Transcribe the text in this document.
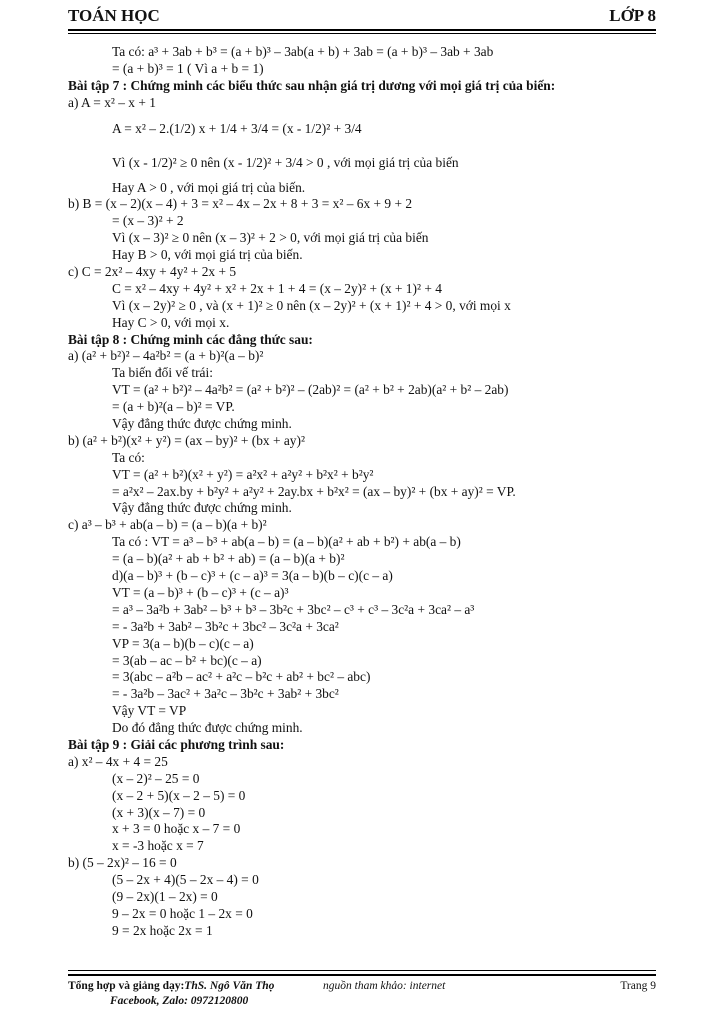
TOÁN HỌC	LỚP 8
Ta có: a³ + 3ab + b³ = (a + b)³ – 3ab(a + b) + 3ab = (a + b)³ – 3ab + 3ab
= (a + b)³ = 1 ( Vì a + b = 1)
Bài tập 7 : Chứng minh các biểu thức sau nhận giá trị dương với mọi giá trị của biến:
a) A = x² – x + 1
A = x² – 2.(1/2) x + 1/4 + 3/4 = (x - 1/2)² + 3/4
Vì (x - 1/2)² ≥ 0 nên (x - 1/2)² + 3/4 > 0 , với mọi giá trị của biến
Hay A > 0 , với mọi giá trị của biến.
b) B = (x – 2)(x – 4) + 3 = x² – 4x – 2x + 8 + 3 = x² – 6x + 9 + 2
= (x – 3)² + 2
Vì (x – 3)² ≥ 0 nên (x – 3)² + 2 > 0, với mọi giá trị của biến
Hay B > 0, với mọi giá trị của biến.
c) C = 2x² – 4xy + 4y² + 2x + 5
C = x² – 4xy + 4y² + x² + 2x + 1 + 4 = (x – 2y)² + (x + 1)² + 4
Vì (x – 2y)² ≥ 0 , và (x + 1)² ≥ 0 nên (x – 2y)² + (x + 1)² + 4 > 0, với mọi x
Hay C > 0, với mọi x.
Bài tập 8 : Chứng minh các đẳng thức sau:
a) (a² + b²)² – 4a²b² = (a + b)²(a – b)²
Ta biến đổi vế trái:
VT = (a² + b²)² – 4a²b² = (a² + b²)² – (2ab)² = (a² + b² + 2ab)(a² + b² – 2ab)
= (a + b)²(a – b)² = VP.
Vậy đẳng thức được chứng minh.
b) (a² + b²)(x² + y²) = (ax – by)² + (bx + ay)²
Ta có:
VT = (a² + b²)(x² + y²) = a²x² + a²y² + b²x² + b²y²
= a²x² – 2ax.by + b²y² + a²y² + 2ay.bx + b²x² = (ax – by)² + (bx + ay)² = VP.
Vậy đẳng thức được chứng minh.
c) a³ – b³ + ab(a – b) = (a – b)(a + b)²
Ta có : VT = a³ – b³ + ab(a – b) = (a – b)(a² + ab + b²) + ab(a – b)
= (a – b)(a² + ab + b² + ab) = (a – b)(a + b)²
d)(a – b)³ + (b – c)³ + (c – a)³ = 3(a – b)(b – c)(c – a)
VT = (a – b)³ + (b – c)³ + (c – a)³
= a³ – 3a²b + 3ab² – b³ + b³ – 3b²c + 3bc² – c³ + c³ – 3c²a + 3ca² – a³
= - 3a²b + 3ab² – 3b²c + 3bc² – 3c²a + 3ca²
VP = 3(a – b)(b – c)(c – a)
= 3(ab – ac – b² + bc)(c – a)
= 3(abc – a²b – ac² + a²c – b²c + ab² + bc² – abc)
= - 3a²b – 3ac² + 3a²c – 3b²c + 3ab² + 3bc²
Vậy VT = VP
Do đó đẳng thức được chứng minh.
Bài tập 9 : Giải các phương trình sau:
a) x² – 4x + 4 = 25
(x – 2)² – 25 = 0
(x – 2 + 5)(x – 2 – 5) = 0
(x + 3)(x – 7) = 0
x + 3 = 0 hoặc x – 7 = 0
x = -3 hoặc x = 7
b) (5 – 2x)² – 16 = 0
(5 – 2x + 4)(5 – 2x – 4) = 0
(9 – 2x)(1 – 2x) = 0
9 – 2x = 0 hoặc 1 – 2x = 0
9 = 2x hoặc 2x = 1
Tổng hợp và giảng dạy:ThS. Ngô Văn Thọ	nguồn tham khảo: internet	Trang 9
Facebook, Zalo: 0972120800
